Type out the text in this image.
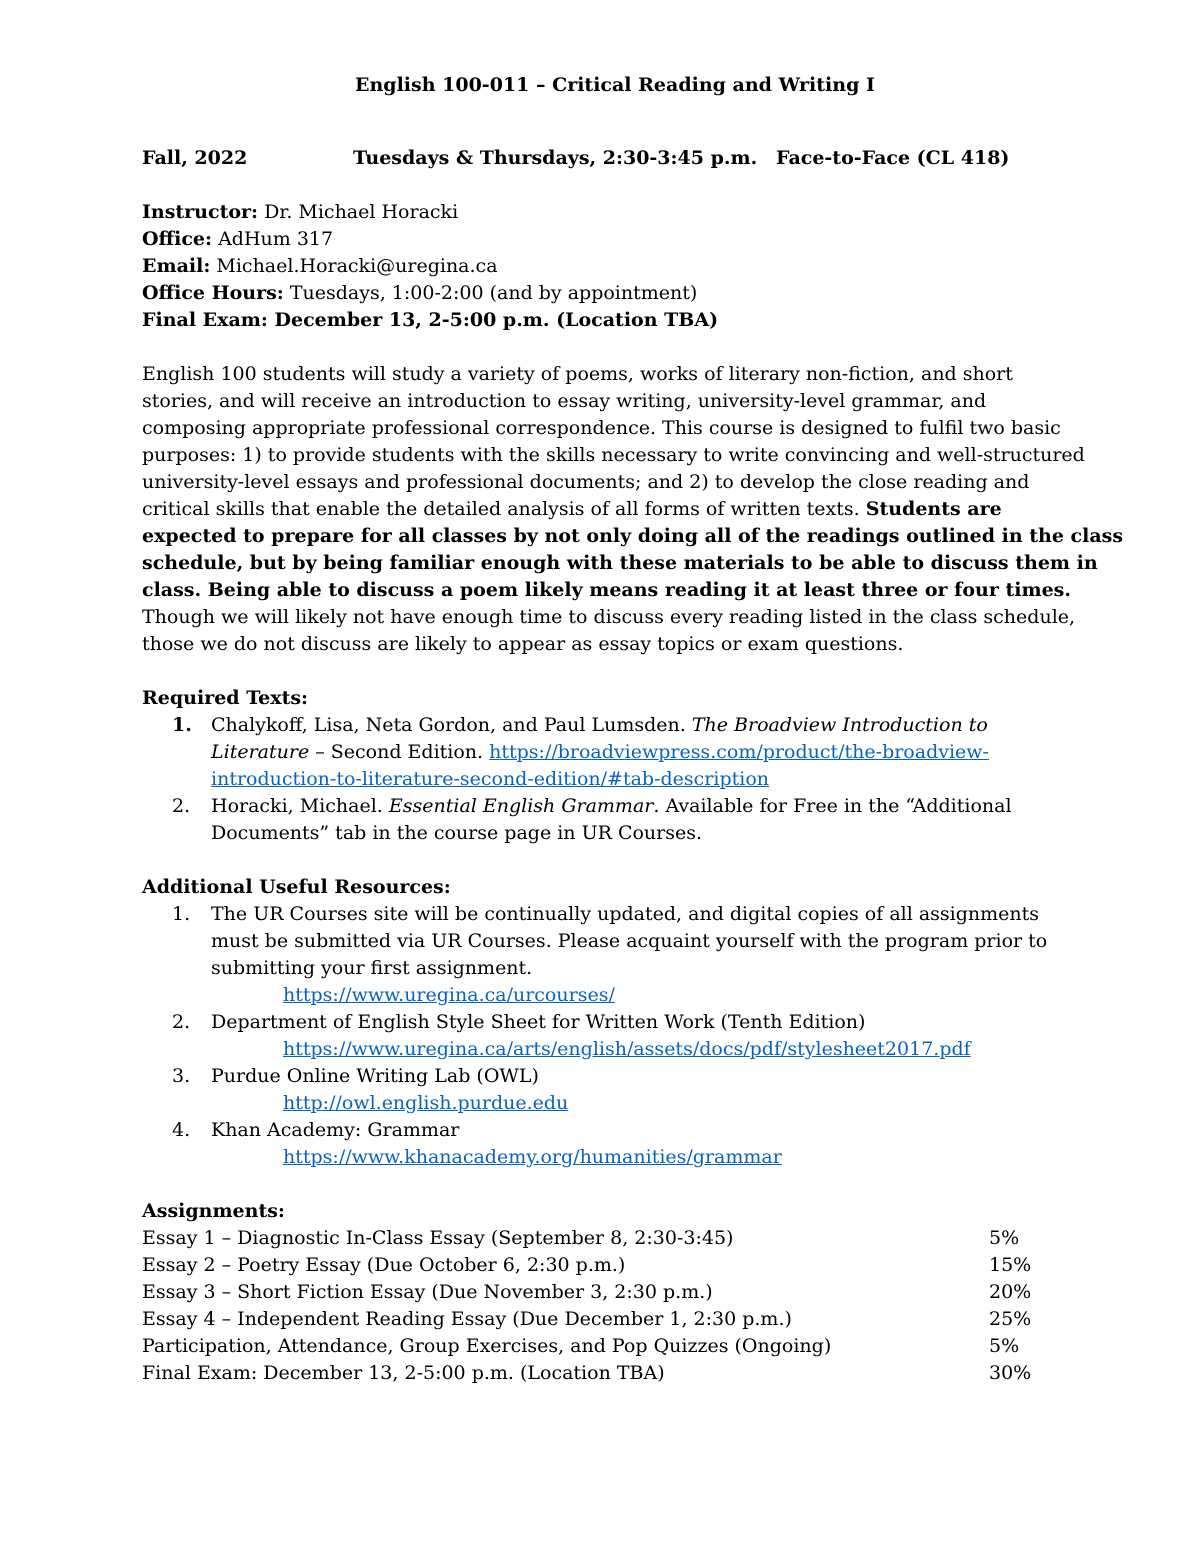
English 100-011 – Critical Reading and Writing I
Fall, 2022	Tuesdays & Thursdays, 2:30-3:45 p.m. Face-to-Face (CL 418)
Instructor: Dr. Michael Horacki
Office: AdHum 317
Email: Michael.Horacki@uregina.ca
Office Hours: Tuesdays, 1:00-2:00 (and by appointment)
Final Exam: December 13, 2-5:00 p.m. (Location TBA)
English 100 students will study a variety of poems, works of literary non-fiction, and short
stories, and will receive an introduction to essay writing, university-level grammar, and
composing appropriate professional correspondence. This course is designed to fulfil two basic
purposes: 1) to provide students with the skills necessary to write convincing and well-structured
university-level essays and professional documents; and 2) to develop the close reading and
critical skills that enable the detailed analysis of all forms of written texts. Students are
expected to prepare for all classes by not only doing all of the readings outlined in the class
schedule, but by being familiar enough with these materials to be able to discuss them in
class. Being able to discuss a poem likely means reading it at least three or four times.
Though we will likely not have enough time to discuss every reading listed in the class schedule,
those we do not discuss are likely to appear as essay topics or exam questions.
Required Texts:
1. Chalykoff, Lisa, Neta Gordon, and Paul Lumsden. The Broadview Introduction to
Literature – Second Edition. https://broadviewpress.com/product/the-broadview-
introduction-to-literature-second-edition/#tab-description
2. Horacki, Michael. Essential English Grammar. Available for Free in the “Additional
Documents” tab in the course page in UR Courses.
Additional Useful Resources:
1. The UR Courses site will be continually updated, and digital copies of all assignments
must be submitted via UR Courses. Please acquaint yourself with the program prior to
submitting your first assignment.
https://www.uregina.ca/urcourses/
2. Department of English Style Sheet for Written Work (Tenth Edition)
https://www.uregina.ca/arts/english/assets/docs/pdf/stylesheet2017.pdf
3. Purdue Online Writing Lab (OWL)
http://owl.english.purdue.edu
4. Khan Academy: Grammar
https://www.khanacademy.org/humanities/grammar
Assignments:
Essay 1 – Diagnostic In-Class Essay (September 8, 2:30-3:45)	5%
Essay 2 – Poetry Essay (Due October 6, 2:30 p.m.)	15%
Essay 3 – Short Fiction Essay (Due November 3, 2:30 p.m.)	20%
Essay 4 – Independent Reading Essay (Due December 1, 2:30 p.m.)	25%
Participation, Attendance, Group Exercises, and Pop Quizzes (Ongoing)	5%
Final Exam: December 13, 2-5:00 p.m. (Location TBA)	30%
